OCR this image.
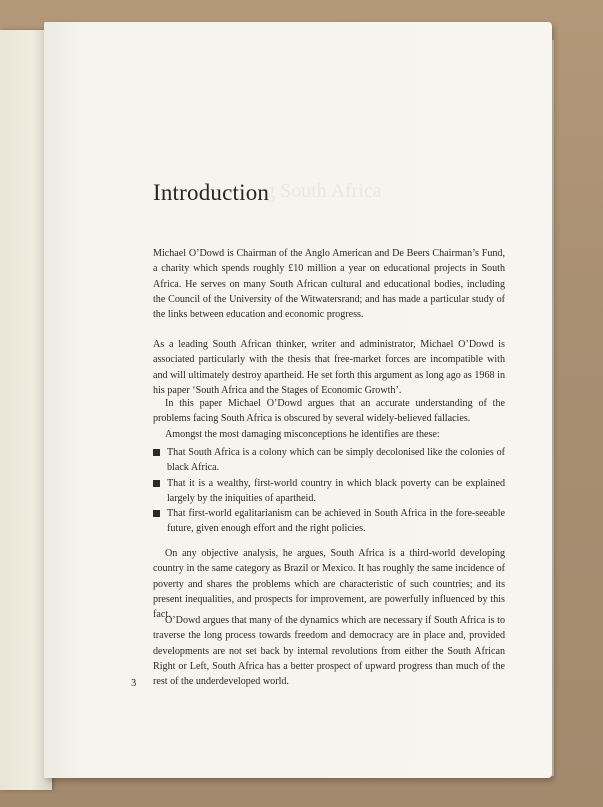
g South Africa
Introduction

Michael O’Dowd is Chairman of the Anglo American and De Beers Chairman’s Fund, a charity which spends roughly £10 million a year on educational projects in South Africa. He serves on many South African cultural and educational bodies, including the Council of the University of the Witwatersrand; and has made a particular study of the links between education and economic progress.

As a leading South African thinker, writer and administrator, Michael O’Dowd is associated particularly with the thesis that free-market forces are incompatible with and will ultimately destroy apartheid. He set forth this argument as long ago as 1968 in his paper ‘South Africa and the Stages of Economic Growth’.

In this paper Michael O’Dowd argues that an accurate understanding of the problems facing South Africa is obscured by several widely-believed fallacies.

Amongst the most damaging misconceptions he identifies are these:

That South Africa is a colony which can be simply decolonised like the colonies of black Africa.
That it is a wealthy, first-world country in which black poverty can be explained largely by the iniquities of apartheid.
That first-world egalitarianism can be achieved in South Africa in the fore-seeable future, given enough effort and the right policies.

On any objective analysis, he argues, South Africa is a third-world developing country in the same category as Brazil or Mexico. It has roughly the same incidence of poverty and shares the problems which are characteristic of such countries; and its present inequalities, and prospects for improvement, are powerfully influenced by this fact.

O’Dowd argues that many of the dynamics which are necessary if South Africa is to traverse the long process towards freedom and democracy are in place and, provided developments are not set back by internal revolutions from either the South African Right or Left, South Africa has a better prospect of upward progress than much of the rest of the underdeveloped world.

3
